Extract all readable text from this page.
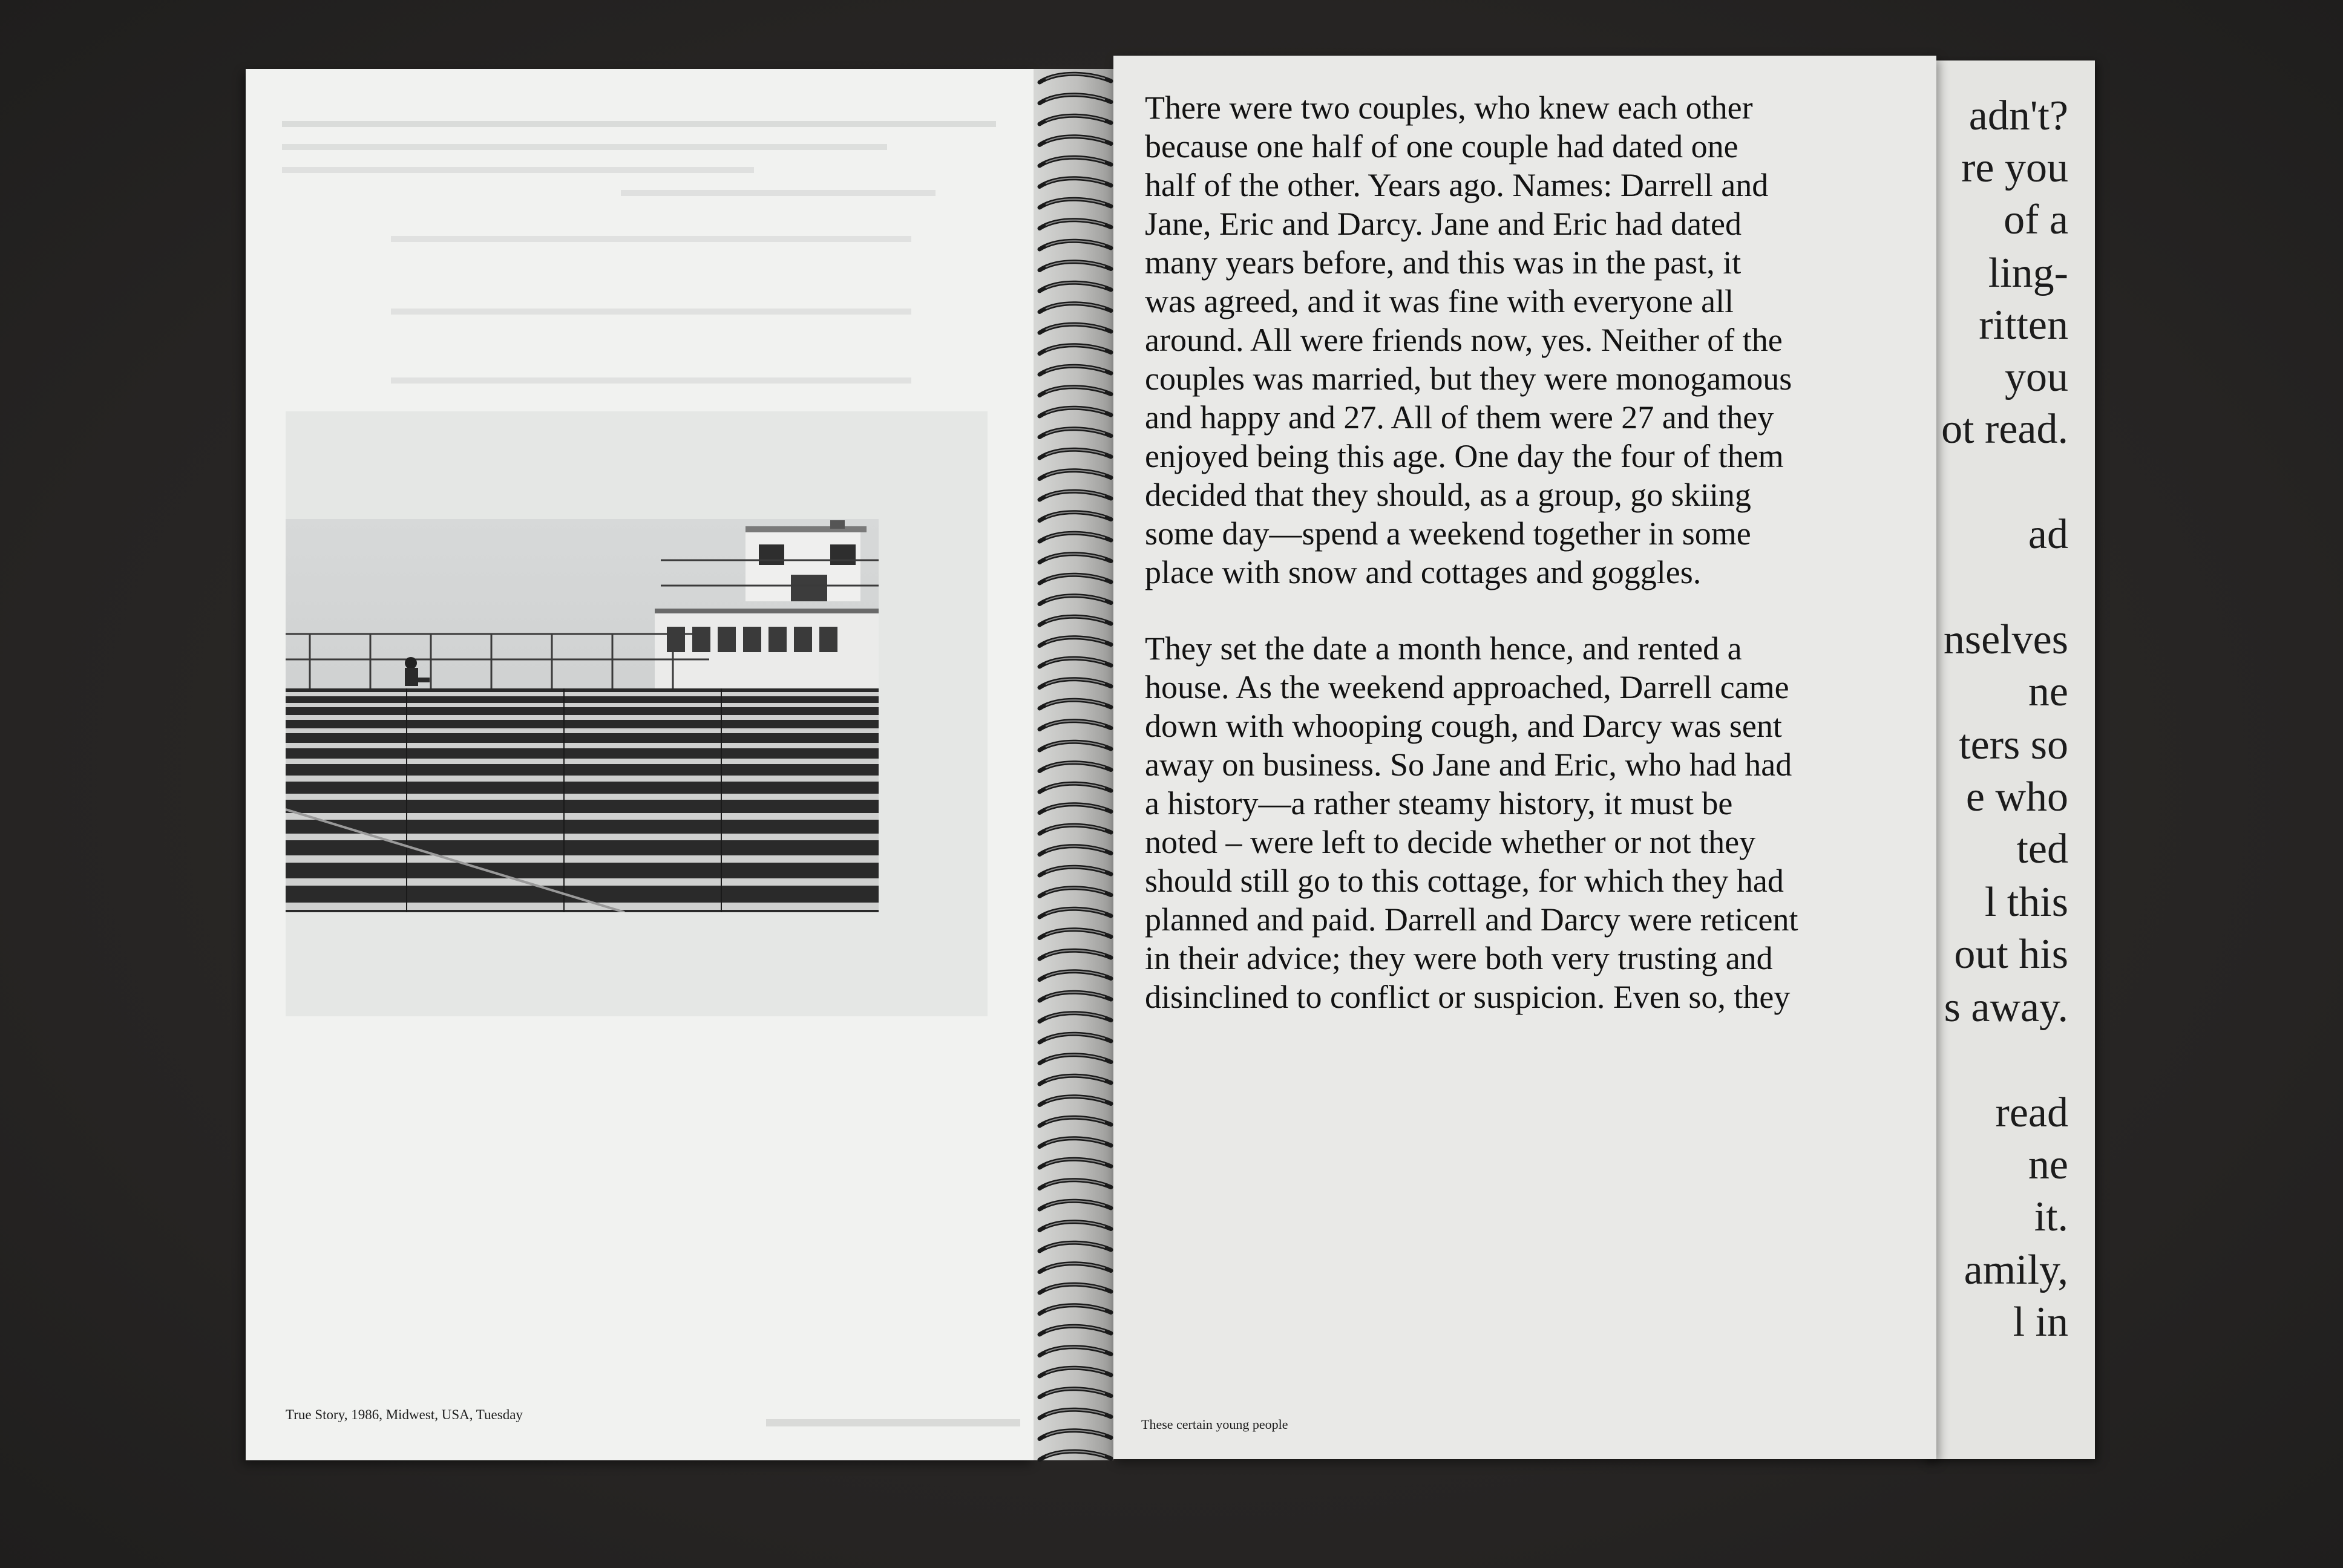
adn't?
re you
of a
ling-
ritten
you
ot read.
ad
nselves
ne
ters so
e who
ted
l this
out his
s away.
read
ne
it.
amily,
l in
True Story, 1986, Midwest, USA, Tuesday

There were two couples, who knew each other
because one half of one couple had dated one
half of the other. Years ago. Names: Darrell and
Jane, Eric and Darcy. Jane and Eric had dated
many years before, and this was in the past, it
was agreed, and it was fine with everyone all
around. All were friends now, yes. Neither of the
couples was married, but they were monogamous
and happy and 27. All of them were 27 and they
enjoyed being this age. One day the four of them
decided that they should, as a group, go skiing
some day—spend a weekend together in some
place with snow and cottages and goggles.

They set the date a month hence, and rented a
house. As the weekend approached, Darrell came
down with whooping cough, and Darcy was sent
away on business. So Jane and Eric, who had had
a history—a rather steamy history, it must be
noted – were left to decide whether or not they
should still go to this cottage, for which they had
planned and paid. Darrell and Darcy were reticent
in their advice; they were both very trusting and
disinclined to conflict or suspicion. Even so, they

These certain young people
